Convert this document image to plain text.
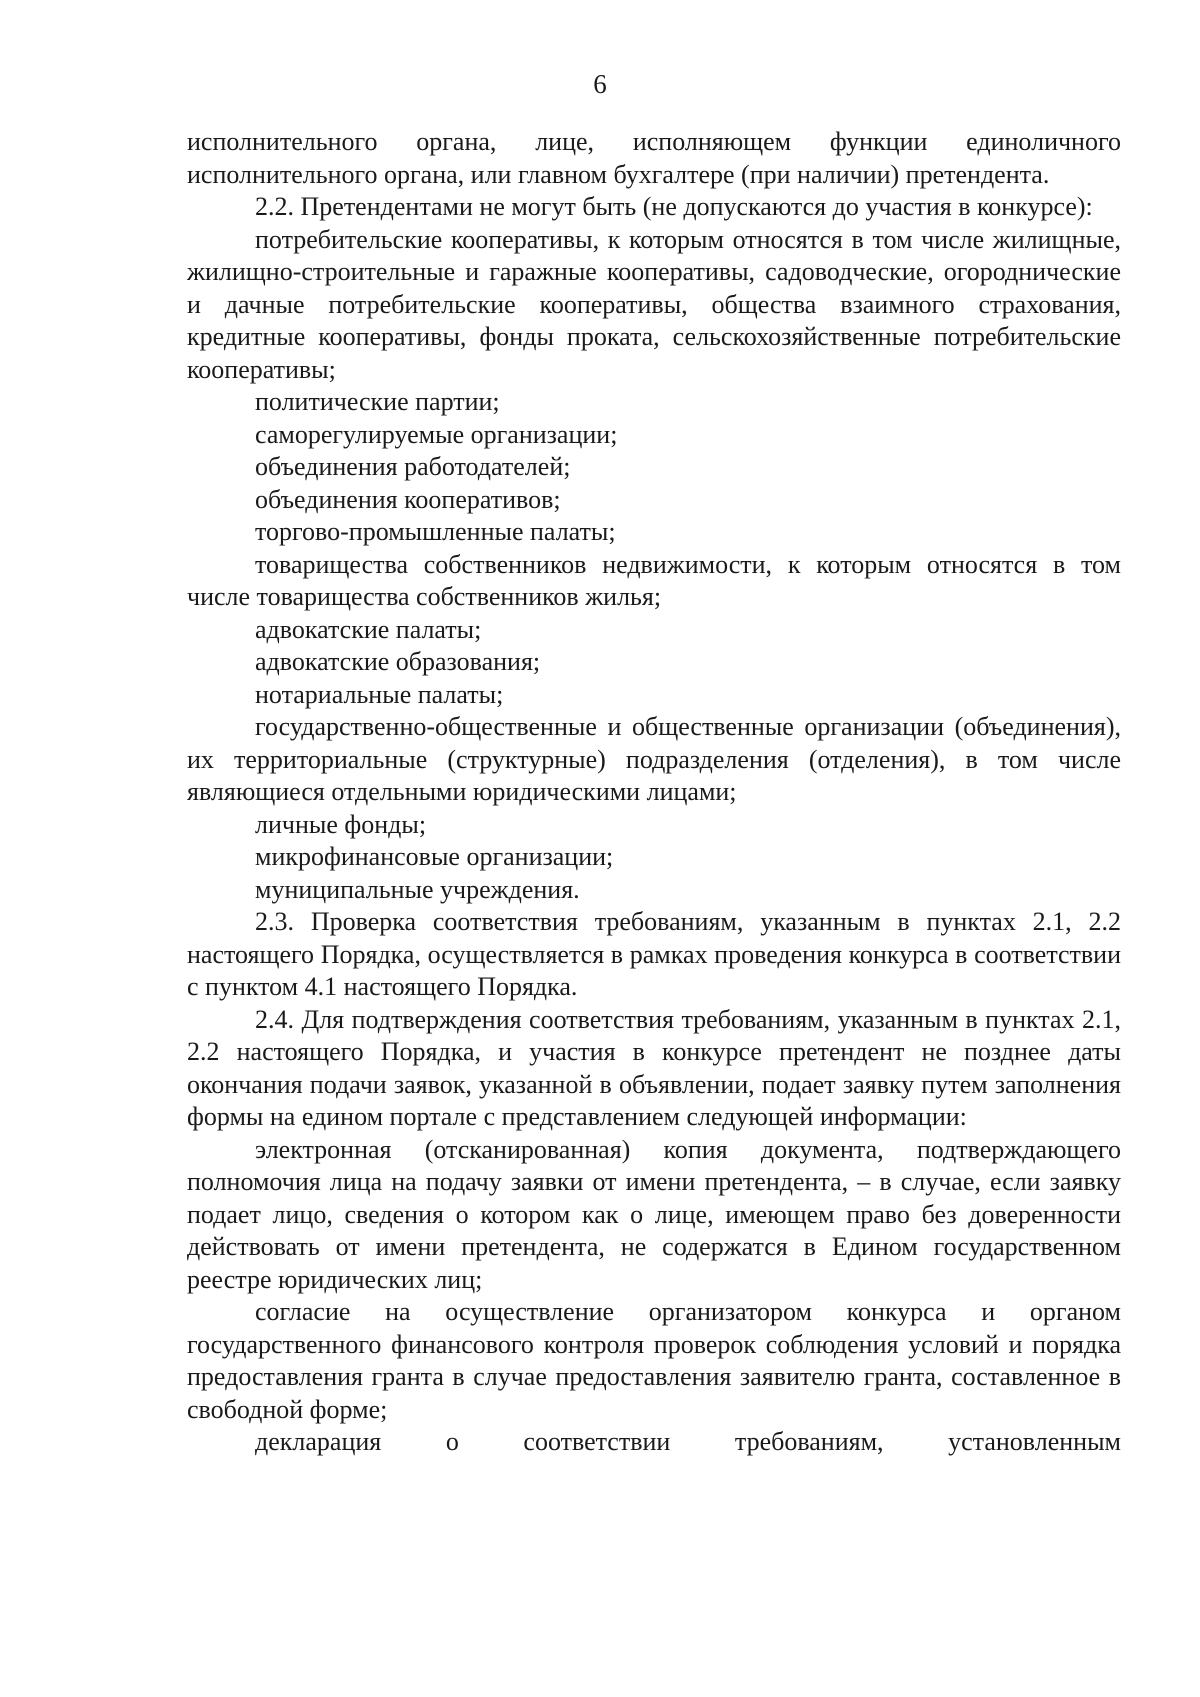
6

исполнительного органа, лице, исполняющем функции единоличного исполнительного органа, или главном бухгалтере (при наличии) претендента.

2.2. Претендентами не могут быть (не допускаются до участия в конкурсе):

потребительские кооперативы, к которым относятся в том числе жилищные, жилищно-строительные и гаражные кооперативы, садоводческие, огороднические и дачные потребительские кооперативы, общества взаимного страхования, кредитные кооперативы, фонды проката, сельскохозяйственные потребительские кооперативы;

политические партии;

саморегулируемые организации;

объединения работодателей;

объединения кооперативов;

торгово-промышленные палаты;

товарищества собственников недвижимости, к которым относятся в том числе товарищества собственников жилья;

адвокатские палаты;

адвокатские образования;

нотариальные палаты;

государственно-общественные и общественные организации (объединения), их территориальные (структурные) подразделения (отделения), в том числе являющиеся отдельными юридическими лицами;

личные фонды;

микрофинансовые организации;

муниципальные учреждения.

2.3. Проверка соответствия требованиям, указанным в пунктах 2.1, 2.2 настоящего Порядка, осуществляется в рамках проведения конкурса в соответствии с пунктом 4.1 настоящего Порядка.

2.4. Для подтверждения соответствия требованиям, указанным в пунктах 2.1, 2.2 настоящего Порядка, и участия в конкурсе претендент не позднее даты окончания подачи заявок, указанной в объявлении, подает заявку путем заполнения формы на едином портале с представлением следующей информации:

электронная (отсканированная) копия документа, подтверждающего полномочия лица на подачу заявки от имени претендента, – в случае, если заявку подает лицо, сведения о котором как о лице, имеющем право без доверенности действовать от имени претендента, не содержатся в Едином государственном реестре юридических лиц;

согласие на осуществление организатором конкурса и органом государственного финансового контроля проверок соблюдения условий и порядка предоставления гранта в случае предоставления заявителю гранта, составленное в свободной форме;

декларация о соответствии требованиям, установленным
